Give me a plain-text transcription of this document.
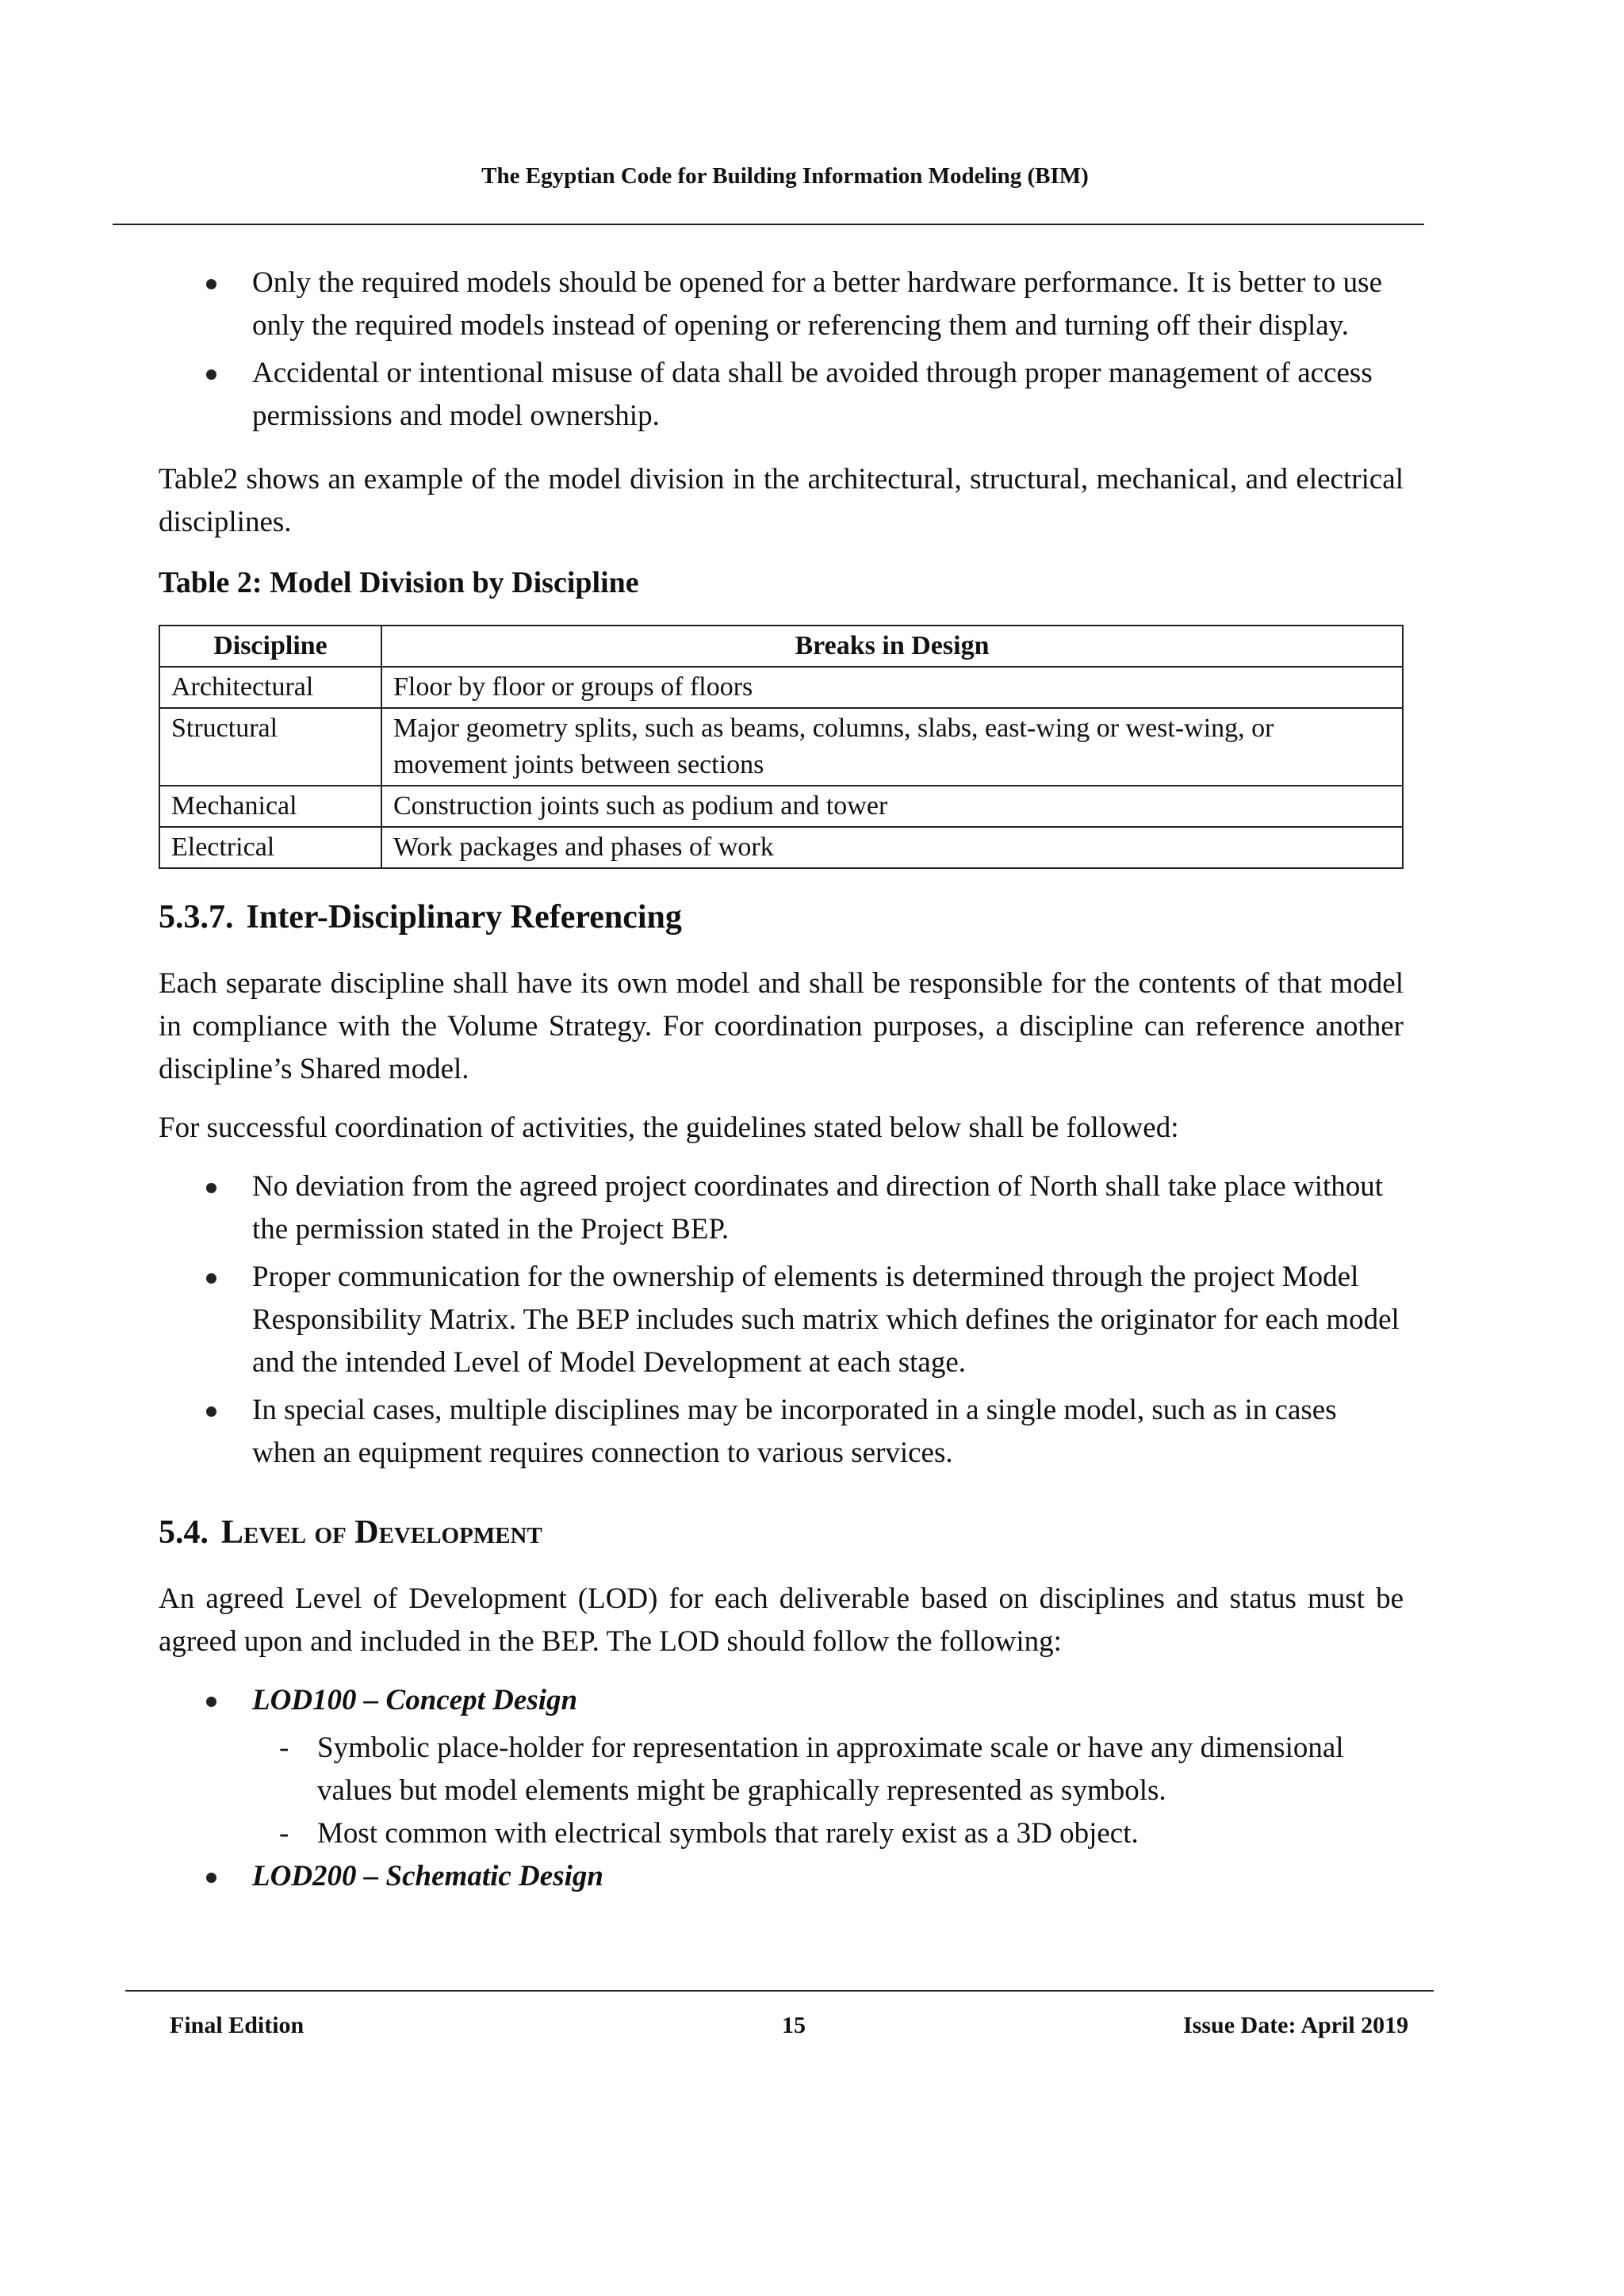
The Egyptian Code for Building Information Modeling (BIM)
Only the required models should be opened for a better hardware performance. It is better to use only the required models instead of opening or referencing them and turning off their display.
Accidental or intentional misuse of data shall be avoided through proper management of access permissions and model ownership.

Table2 shows an example of the model division in the architectural, structural, mechanical, and electrical disciplines.

Table 2: Model Division by Discipline
Discipline	Breaks in Design
Architectural	Floor by floor or groups of floors
Structural	Major geometry splits, such as beams, columns, slabs, east-wing or west-wing, or movement joints between sections
Mechanical	Construction joints such as podium and tower
Electrical	Work packages and phases of work
5.3.7. Inter-Disciplinary Referencing

Each separate discipline shall have its own model and shall be responsible for the contents of that model in compliance with the Volume Strategy. For coordination purposes, a discipline can reference another discipline’s Shared model.

For successful coordination of activities, the guidelines stated below shall be followed:

No deviation from the agreed project coordinates and direction of North shall take place without the permission stated in the Project BEP.
Proper communication for the ownership of elements is determined through the project Model Responsibility Matrix. The BEP includes such matrix which defines the originator for each model and the intended Level of Model Development at each stage.
In special cases, multiple disciplines may be incorporated in a single model, such as in cases when an equipment requires connection to various services.
5.4. Level of Development

An agreed Level of Development (LOD) for each deliverable based on disciplines and status must be agreed upon and included in the BEP. The LOD should follow the following:

LOD100 – Concept Design
- Symbolic place-holder for representation in approximate scale or have any dimensional values but model elements might be graphically represented as symbols.
- Most common with electrical symbols that rarely exist as a 3D object.
LOD200 – Schematic Design
Final Edition	15	Issue Date: April 2019
